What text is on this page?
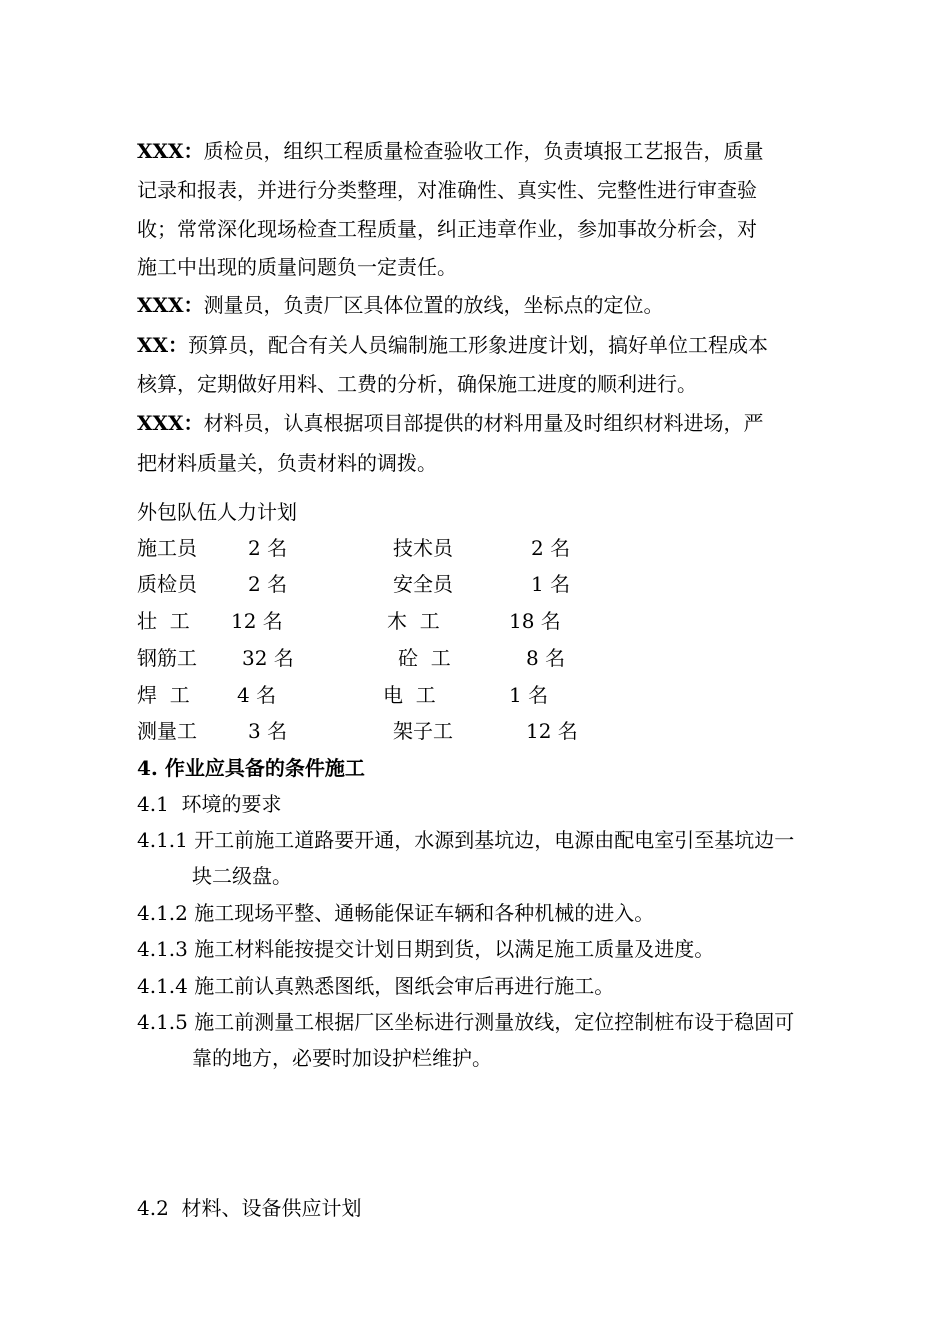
XXX：质检员，组织工程质量检查验收工作，负责填报工艺报告，质量
记录和报表，并进行分类整理，对准确性、真实性、完整性进行审查验
收；常常深化现场检查工程质量，纠正违章作业，参加事故分析会，对
施工中出现的质量问题负一定责任。
XXX：测量员，负责厂区具体位置的放线，坐标点的定位。
XX：预算员，配合有关人员编制施工形象进度计划，搞好单位工程成本
核算，定期做好用料、工费的分析，确保施工进度的顺利进行。
XXX：材料员，认真根据项目部提供的材料用量及时组织材料进场，严
把材料质量关，负责材料的调拨。
外包队伍人力计划
施工员	2 名	技术员	2 名
质检员	2 名	安全员	1 名
壮  工 12 名	木  工	18 名
钢筋工 32 名	砼  工	8 名
焊  工 4 名	电  工	1 名
测量工	3 名	架子工	12 名
4. 作业应具备的条件施工
4.1  环境的要求
4.1.1 开工前施工道路要开通，水源到基坑边，电源由配电室引至基坑边一
块二级盘。
4.1.2 施工现场平整、通畅能保证车辆和各种机械的进入。
4.1.3 施工材料能按提交计划日期到货，以满足施工质量及进度。
4.1.4 施工前认真熟悉图纸，图纸会审后再进行施工。
4.1.5 施工前测量工根据厂区坐标进行测量放线，定位控制桩布设于稳固可
靠的地方，必要时加设护栏维护。
4.2  材料、设备供应计划
